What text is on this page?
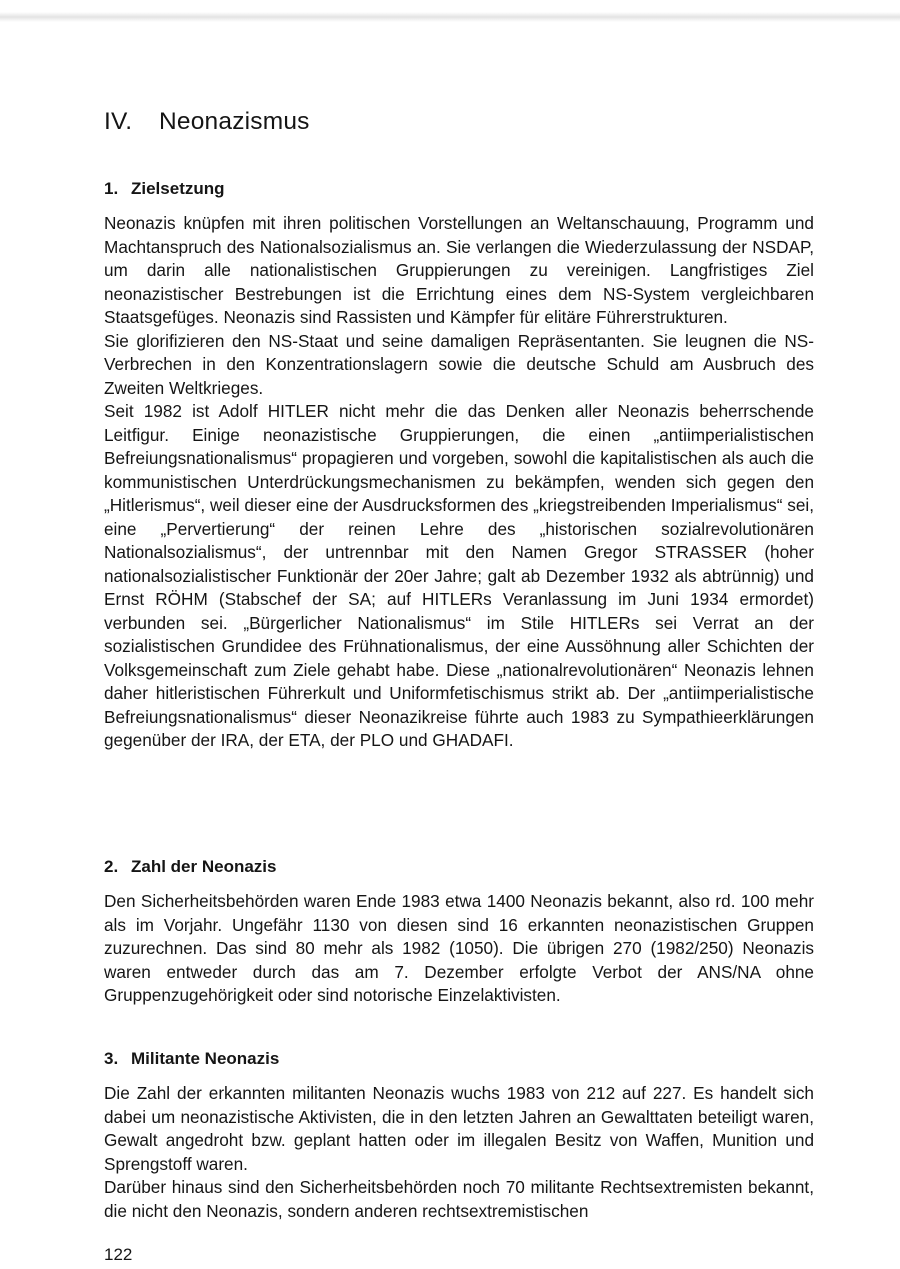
IV. Neonazismus
1. Zielsetzung

Neonazis knüpfen mit ihren politischen Vorstellungen an Weltanschauung, Programm und Machtanspruch des Nationalsozialismus an. Sie verlangen die Wiederzulassung der NSDAP, um darin alle nationalistischen Gruppierungen zu vereinigen. Langfristiges Ziel neonazistischer Bestrebungen ist die Errichtung eines dem NS-System vergleichbaren Staatsgefüges. Neonazis sind Rassisten und Kämpfer für elitäre Führerstrukturen.

Sie glorifizieren den NS-Staat und seine damaligen Repräsentanten. Sie leugnen die NS-Verbrechen in den Konzentrationslagern sowie die deutsche Schuld am Ausbruch des Zweiten Weltkrieges.

Seit 1982 ist Adolf HITLER nicht mehr die das Denken aller Neonazis beherrschende Leitfigur. Einige neonazistische Gruppierungen, die einen „antiimperialistischen Befreiungsnationalismus“ propagieren und vorgeben, sowohl die kapitalistischen als auch die kommunistischen Unterdrückungsmechanismen zu bekämpfen, wenden sich gegen den „Hitlerismus“, weil dieser eine der Ausdrucksformen des „kriegstreibenden Imperialismus“ sei, eine „Pervertierung“ der reinen Lehre des „historischen sozialrevolutionären Nationalsozialismus“, der untrennbar mit den Namen Gregor STRASSER (hoher nationalsozialistischer Funktionär der 20er Jahre; galt ab Dezember 1932 als abtrünnig) und Ernst RÖHM (Stabschef der SA; auf HITLERs Veranlassung im Juni 1934 ermordet) verbunden sei. „Bürgerlicher Nationalismus“ im Stile HITLERs sei Verrat an der sozialistischen Grundidee des Frühnationalismus, der eine Aussöhnung aller Schichten der Volksgemeinschaft zum Ziele gehabt habe. Diese „nationalrevolutionären“ Neonazis lehnen daher hitleristischen Führerkult und Uniformfetischismus strikt ab. Der „antiimperialistische Befreiungsnationalismus“ dieser Neonazikreise führte auch 1983 zu Sympathieerklärungen gegenüber der IRA, der ETA, der PLO und GHADAFI.

2. Zahl der Neonazis

Den Sicherheitsbehörden waren Ende 1983 etwa 1400 Neonazis bekannt, also rd. 100 mehr als im Vorjahr. Ungefähr 1130 von diesen sind 16 erkannten neonazistischen Gruppen zuzurechnen. Das sind 80 mehr als 1982 (1050). Die übrigen 270 (1982/250) Neonazis waren entweder durch das am 7. Dezember erfolgte Verbot der ANS/NA ohne Gruppenzugehörigkeit oder sind notorische Einzelaktivisten.

3. Militante Neonazis

Die Zahl der erkannten militanten Neonazis wuchs 1983 von 212 auf 227. Es handelt sich dabei um neonazistische Aktivisten, die in den letzten Jahren an Gewalttaten beteiligt waren, Gewalt angedroht bzw. geplant hatten oder im illegalen Besitz von Waffen, Munition und Sprengstoff waren.

Darüber hinaus sind den Sicherheitsbehörden noch 70 militante Rechtsextremisten bekannt, die nicht den Neonazis, sondern anderen rechtsextremistischen

122
